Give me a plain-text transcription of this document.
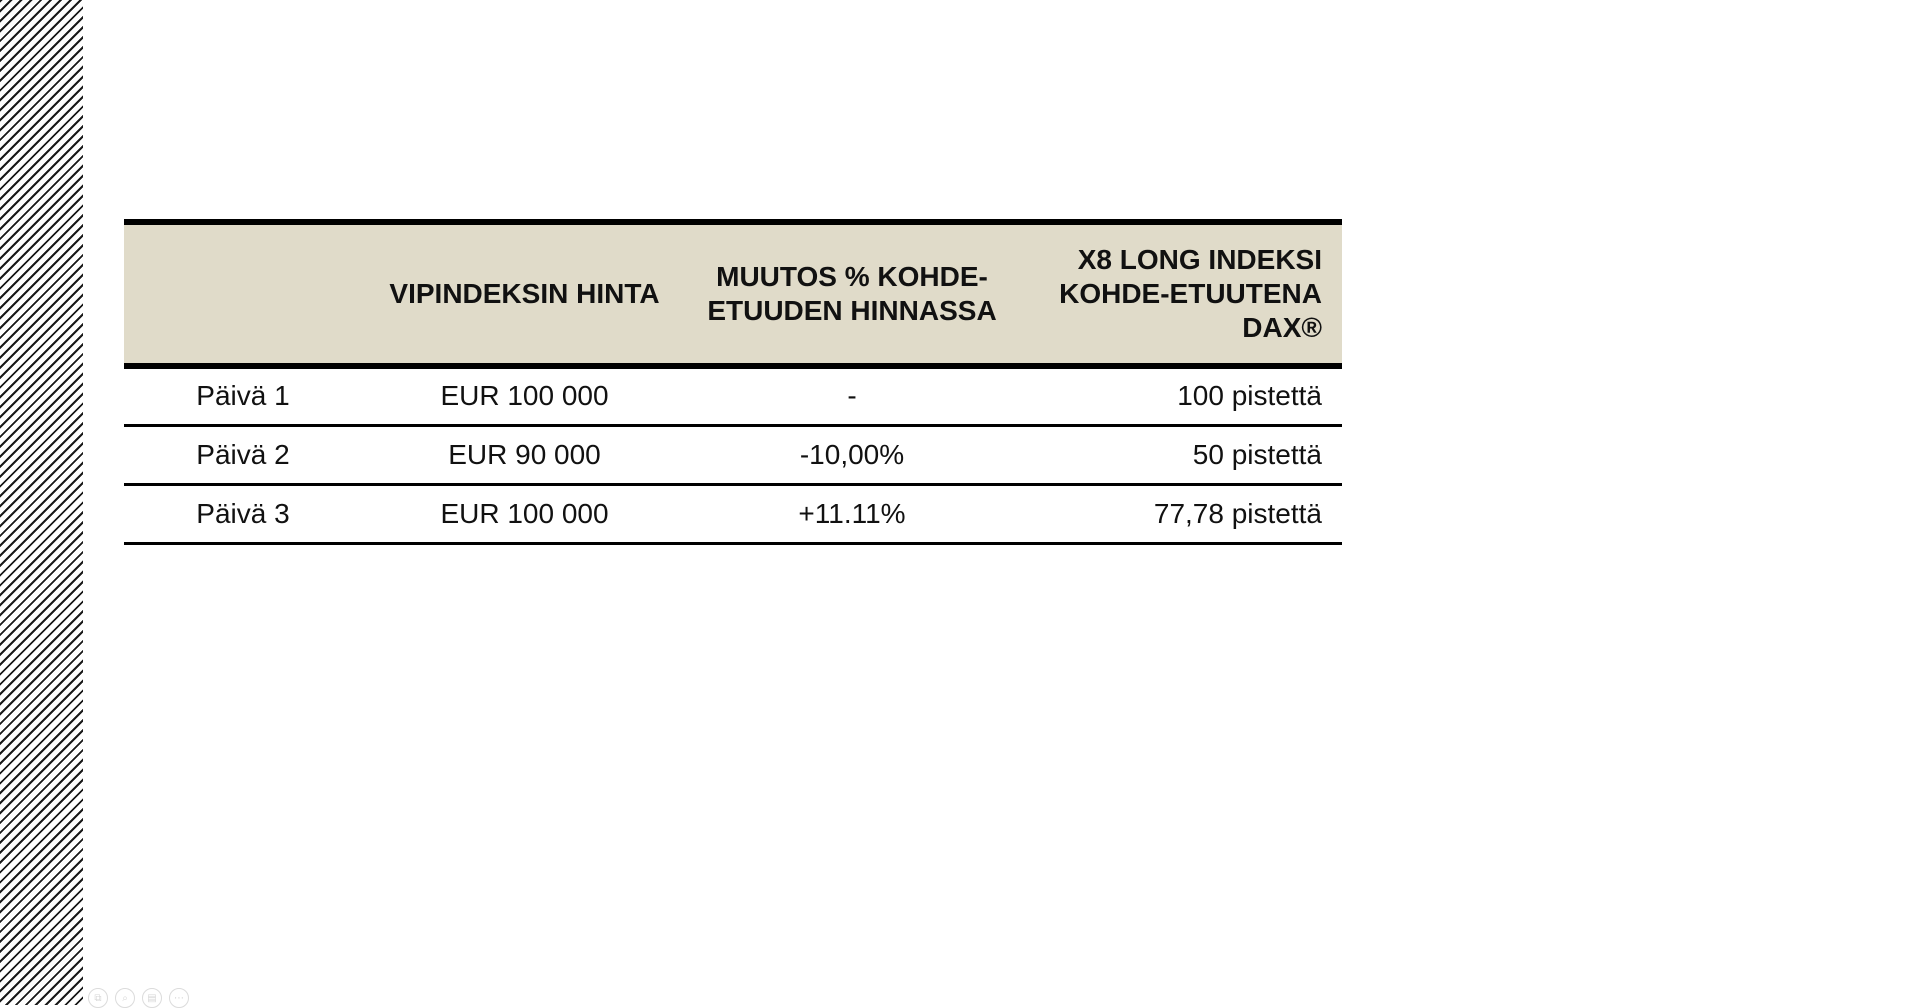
	VIPINDEKSIN HINTA	MUUTOS % KOHDE-ETUUDEN HINNASSA	X8 LONG INDEKSI KOHDE-ETUUTENA DAX®
Päivä 1	EUR 100 000	-	100 pistettä
Päivä 2	EUR 90 000	-10,00%	50 pistettä
Päivä 3	EUR 100 000	+11.11%	77,78 pistettä
⧉	⌕	▤	⋯
